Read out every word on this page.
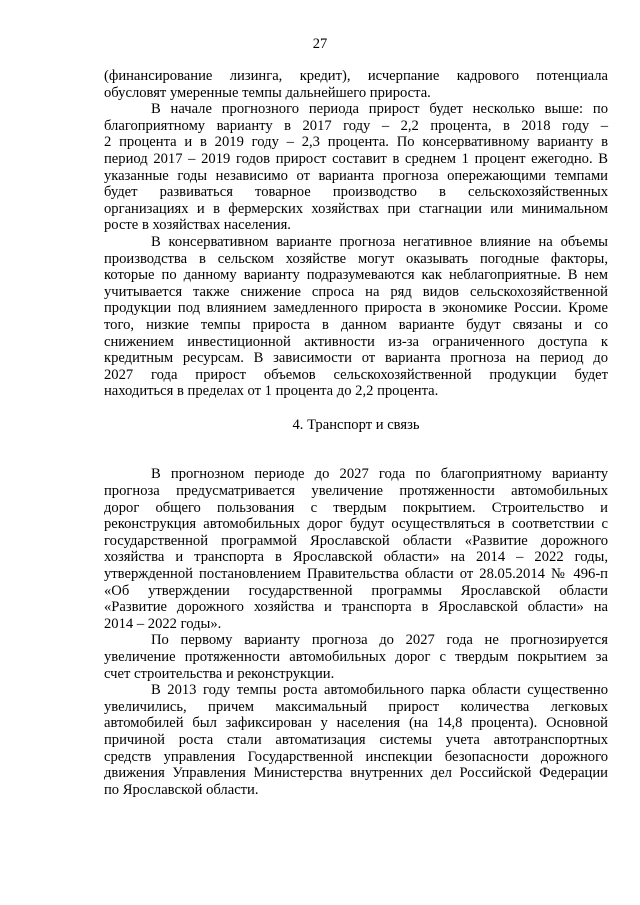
27
(финансирование лизинга, кредит), исчерпание кадрового потенциала
обусловят умеренные темпы дальнейшего прироста.
В начале прогнозного периода прирост будет несколько выше: по
благоприятному варианту в 2017 году – 2,2 процента, в 2018 году –
2 процента и в 2019 году – 2,3 процента. По консервативному варианту в
период 2017 – 2019 годов прирост составит в среднем 1 процент ежегодно. В
указанные годы независимо от варианта прогноза опережающими темпами
будет развиваться товарное производство в сельскохозяйственных
организациях и в фермерских хозяйствах при стагнации или минимальном
росте в хозяйствах населения.
В консервативном варианте прогноза негативное влияние на объемы
производства в сельском хозяйстве могут оказывать погодные факторы,
которые по данному варианту подразумеваются как неблагоприятные. В нем
учитывается также снижение спроса на ряд видов сельскохозяйственной
продукции под влиянием замедленного прироста в экономике России. Кроме
того, низкие темпы прироста в данном варианте будут связаны и со
снижением инвестиционной активности из-за ограниченного доступа к
кредитным ресурсам. В зависимости от варианта прогноза на период до
2027 года прирост объемов сельскохозяйственной продукции будет
находиться в пределах от 1 процента до 2,2 процента.
4. Транспорт и связь
В прогнозном периоде до 2027 года по благоприятному варианту
прогноза предусматривается увеличение протяженности автомобильных
дорог общего пользования с твердым покрытием. Строительство и
реконструкция автомобильных дорог будут осуществляться в соответствии с
государственной программой Ярославской области «Развитие дорожного
хозяйства и транспорта в Ярославской области» на 2014 – 2022 годы,
утвержденной постановлением Правительства области от 28.05.2014 № 496-п
«Об утверждении государственной программы Ярославской области
«Развитие дорожного хозяйства и транспорта в Ярославской области» на
2014 – 2022 годы».
По первому варианту прогноза до 2027 года не прогнозируется
увеличение протяженности автомобильных дорог с твердым покрытием за
счет строительства и реконструкции.
В 2013 году темпы роста автомобильного парка области существенно
увеличились, причем максимальный прирост количества легковых
автомобилей был зафиксирован у населения (на 14,8 процента). Основной
причиной роста стали автоматизация системы учета автотранспортных
средств управления Государственной инспекции безопасности дорожного
движения Управления Министерства внутренних дел Российской Федерации
по Ярославской области.
